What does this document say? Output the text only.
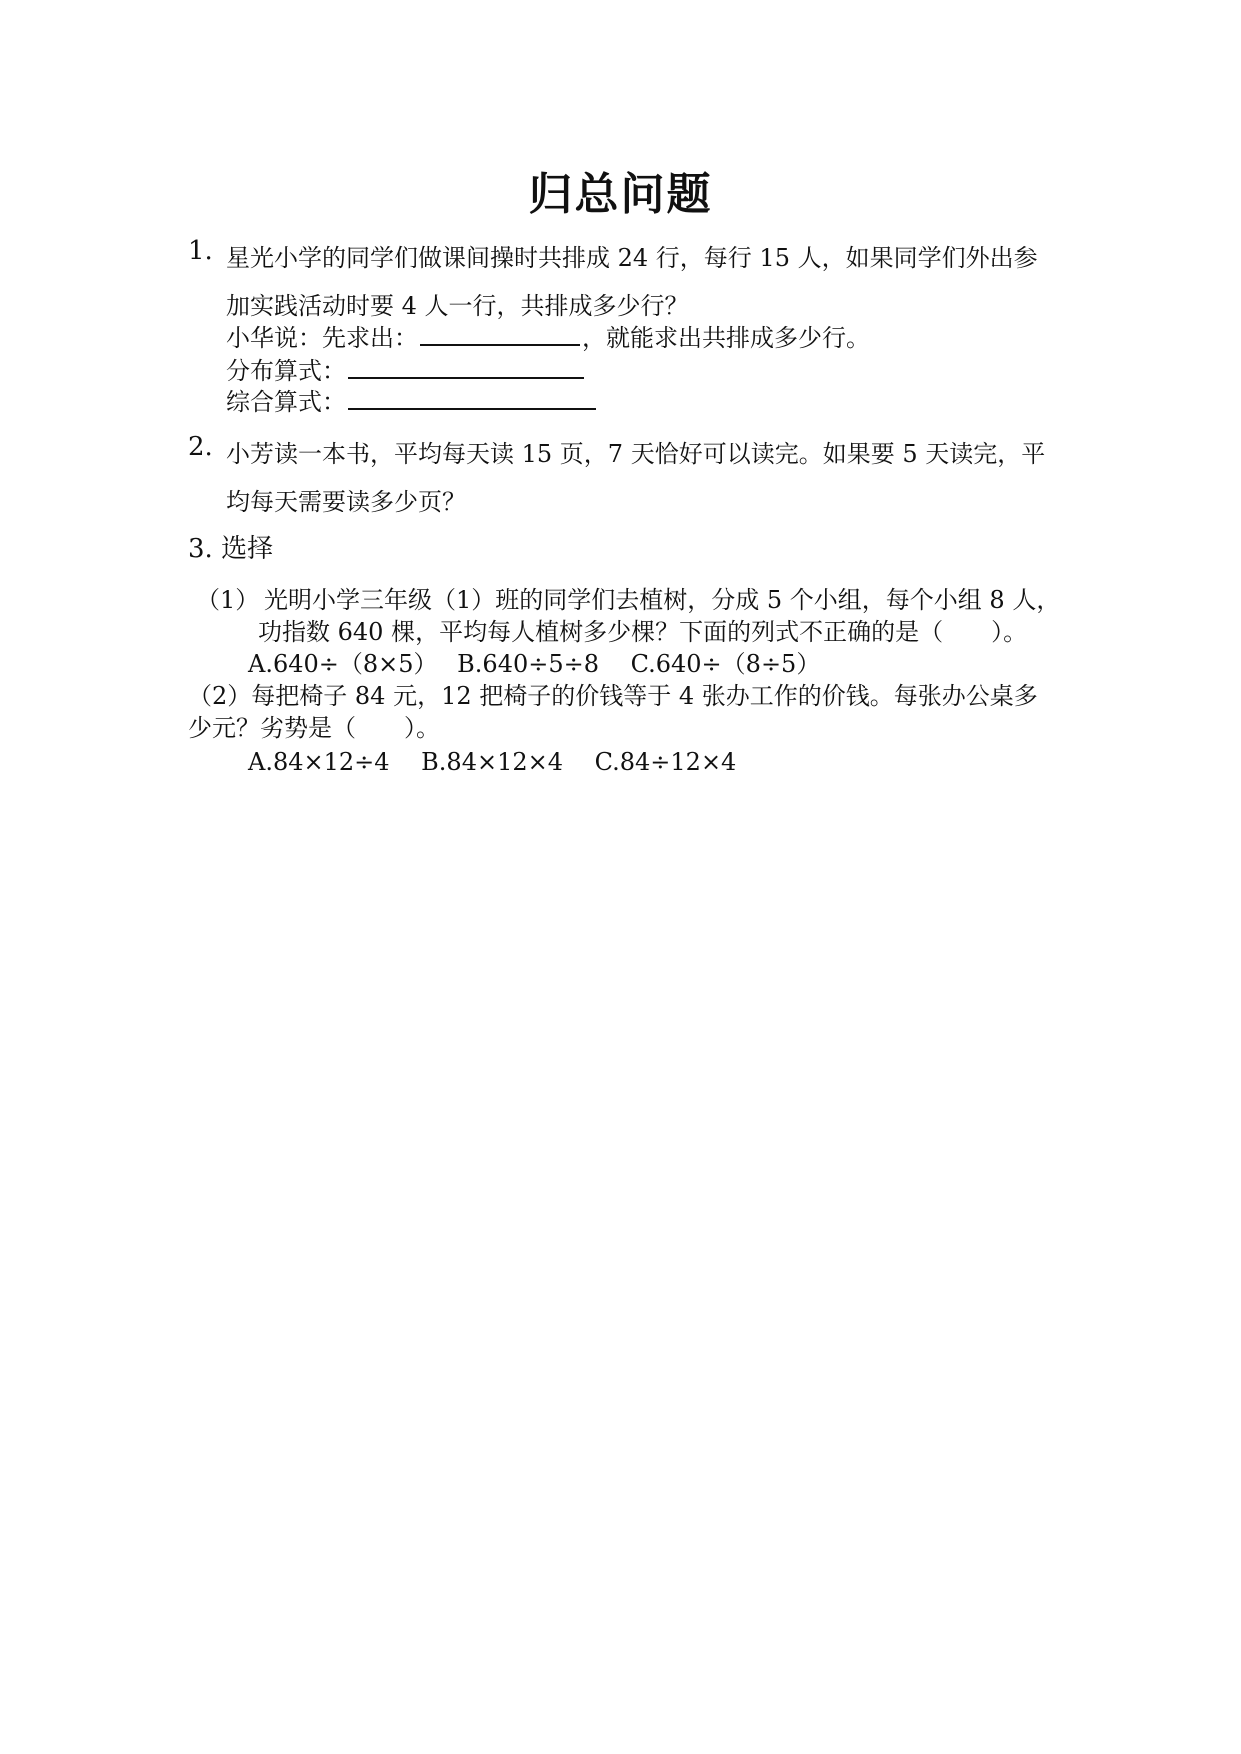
归总问题
1. 星光小学的同学们做课间操时共排成 24 行，每行 15 人，如果同学们外出参
加实践活动时要 4 人一行，共排成多少行？
小华说：先求出：	，就能求出共排成多少行。
分布算式：
综合算式：
2. 小芳读一本书，平均每天读 15 页，7 天恰好可以读完。如果要 5 天读完，平
均每天需要读多少页？
3. 选择
（1） 光明小学三年级（1）班的同学们去植树，分成 5 个小组，每个小组 8 人，
功指数 640 棵，平均每人植树多少棵？下面的列式不正确的是（　　）。
A.640÷（8×5）　 B.640÷5÷8　 C.640÷（8÷5）
（2）每把椅子 84 元，12 把椅子的价钱等于 4 张办工作的价钱。每张办公桌多
少元？劣势是（　　）。
A.84×12÷4　 B.84×12×4　 C.84÷12×4
